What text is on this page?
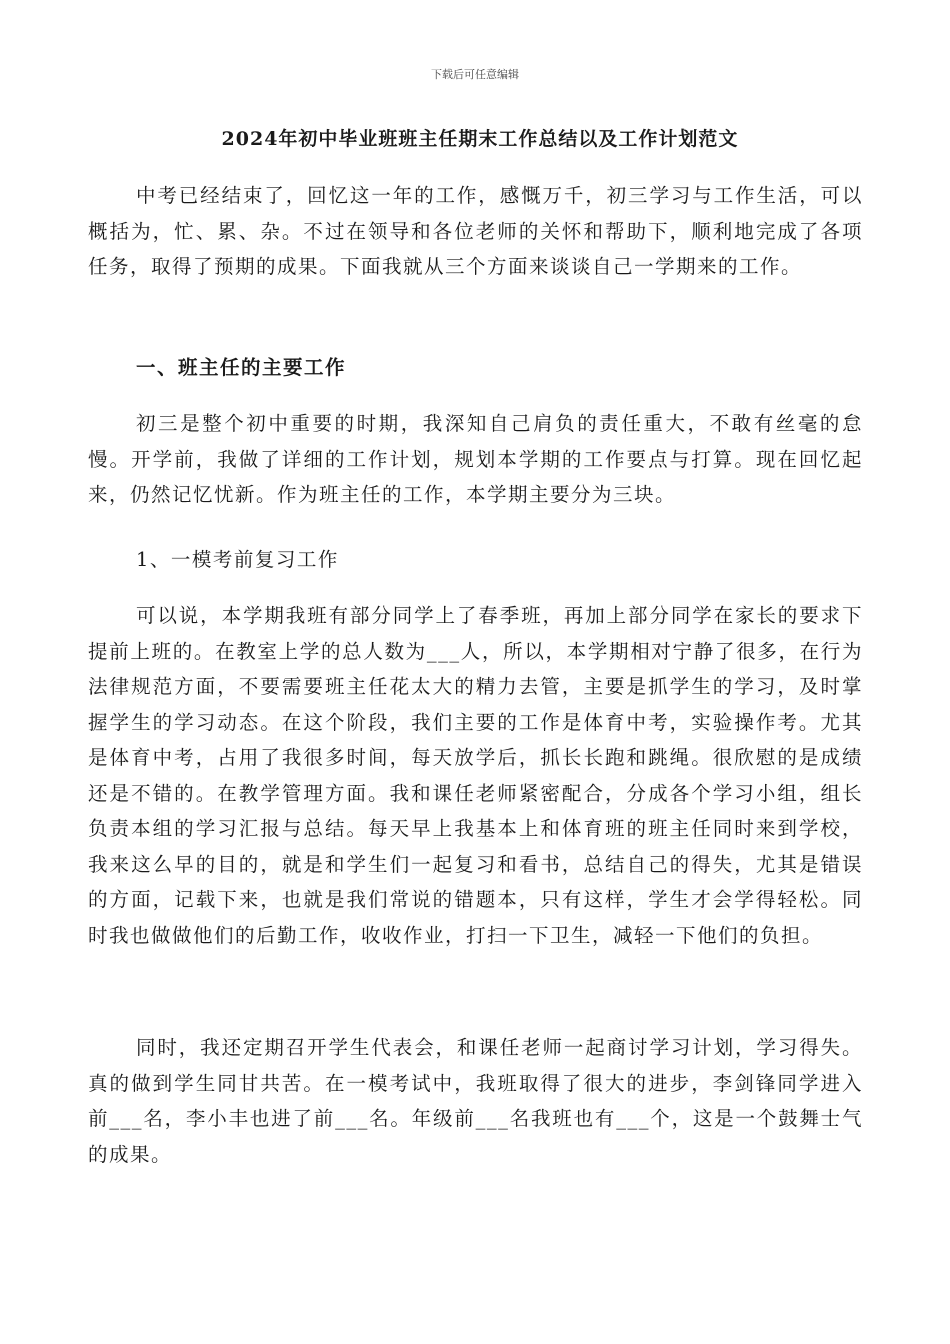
下载后可任意编辑
2024年初中毕业班班主任期末工作总结以及工作计划范文

中考已经结束了，回忆这一年的工作，感慨万千，初三学习与工作生活，可以概括为，忙、累、杂。不过在领导和各位老师的关怀和帮助下，顺利地完成了各项任务，取得了预期的成果。下面我就从三个方面来谈谈自己一学期来的工作。

一、班主任的主要工作

初三是整个初中重要的时期，我深知自己肩负的责任重大，不敢有丝毫的怠慢。开学前，我做了详细的工作计划，规划本学期的工作要点与打算。现在回忆起来，仍然记忆忧新。作为班主任的工作，本学期主要分为三块。

1、一模考前复习工作

可以说，本学期我班有部分同学上了春季班，再加上部分同学在家长的要求下提前上班的。在教室上学的总人数为___人，所以，本学期相对宁静了很多，在行为法律规范方面，不要需要班主任花太大的精力去管，主要是抓学生的学习，及时掌握学生的学习动态。在这个阶段，我们主要的工作是体育中考，实验操作考。尤其是体育中考，占用了我很多时间，每天放学后，抓长长跑和跳绳。很欣慰的是成绩还是不错的。在教学管理方面。我和课任老师紧密配合，分成各个学习小组，组长负责本组的学习汇报与总结。每天早上我基本上和体育班的班主任同时来到学校，我来这么早的目的，就是和学生们一起复习和看书，总结自己的得失，尤其是错误的方面，记载下来，也就是我们常说的错题本，只有这样，学生才会学得轻松。同时我也做做他们的后勤工作，收收作业，打扫一下卫生，减轻一下他们的负担。

同时，我还定期召开学生代表会，和课任老师一起商讨学习计划，学习得失。真的做到学生同甘共苦。在一模考试中，我班取得了很大的进步，李剑锋同学进入前___名，李小丰也进了前___名。年级前___名我班也有___个，这是一个鼓舞士气的成果。
